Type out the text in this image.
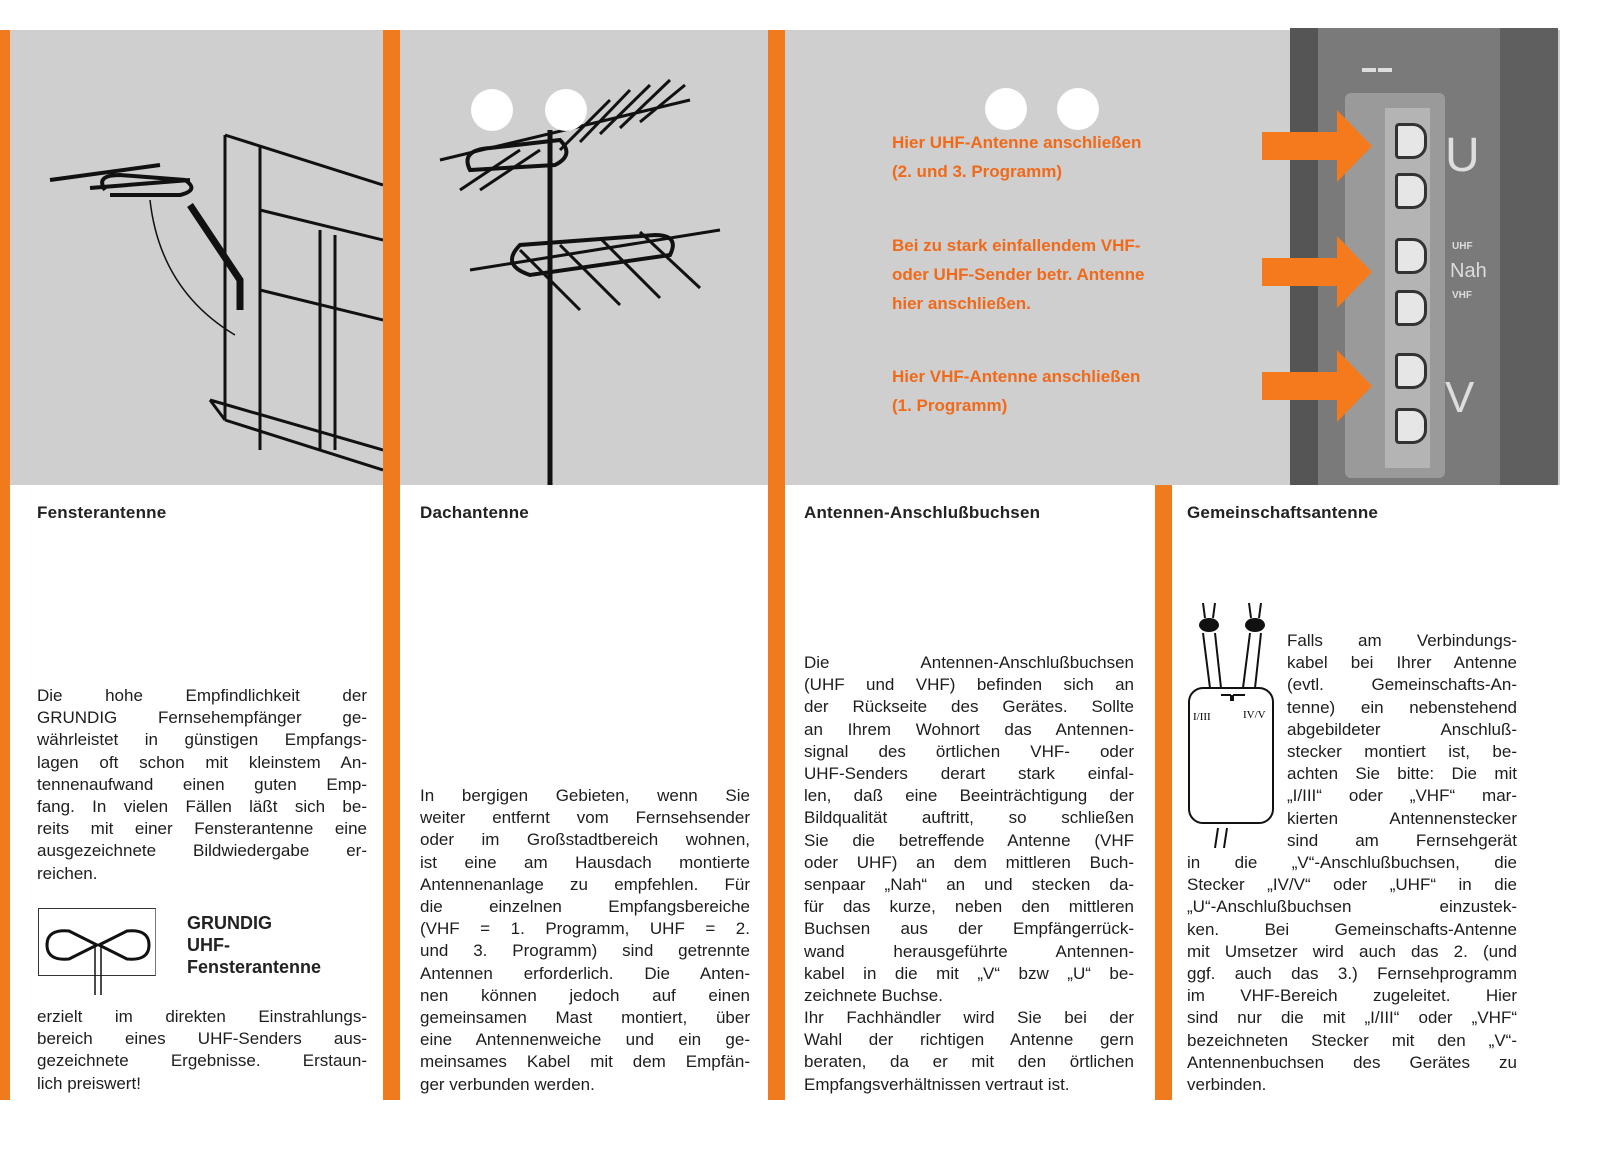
Hier UHF-Antenne anschließen
(2. und 3. Programm)
Bei zu stark einfallendem VHF-
oder UHF-Sender betr. Antenne
hier anschließen.
Hier VHF-Antenne anschließen
(1. Programm)
U
UHF
Nah
VHF
V
Fensterantenne	Dachantenne	Antennen-Anschlußbuchsen	Gemeinschaftsantenne
Die hohe Empfindlichkeit der
GRUNDIG Fernsehempfänger ge-
währleistet in günstigen Empfangs-
lagen oft schon mit kleinstem An-
tennenaufwand einen guten Emp-
fang. In vielen Fällen läßt sich be-
reits mit einer Fensterantenne eine
ausgezeichnete Bildwiedergabe er-
reichen.
GRUNDIG
UHF-
Fensterantenne
erzielt im direkten Einstrahlungs-
bereich eines UHF-Senders aus-
gezeichnete Ergebnisse. Erstaun-
lich preiswert!
In bergigen Gebieten, wenn Sie
weiter entfernt vom Fernsehsender
oder im Großstadtbereich wohnen,
ist eine am Hausdach montierte
Antennenanlage zu empfehlen. Für
die einzelnen Empfangsbereiche
(VHF = 1. Programm, UHF = 2.
und 3. Programm) sind getrennte
Antennen erforderlich. Die Anten-
nen können jedoch auf einen
gemeinsamen Mast montiert, über
eine Antennenweiche und ein ge-
meinsames Kabel mit dem Empfän-
ger verbunden werden.
Die Antennen-Anschlußbuchsen
(UHF und VHF) befinden sich an
der Rückseite des Gerätes. Sollte
an Ihrem Wohnort das Antennen-
signal des örtlichen VHF- oder
UHF-Senders derart stark einfal-
len, daß eine Beeinträchtigung der
Bildqualität auftritt, so schließen
Sie die betreffende Antenne (VHF
oder UHF) an dem mittleren Buch-
senpaar „Nah“ an und stecken da-
für das kurze, neben den mittleren
Buchsen aus der Empfängerrück-
wand herausgeführte Antennen-
kabel in die mit „V“ bzw „U“ be-
zeichnete Buchse.
Ihr Fachhändler wird Sie bei der
Wahl der richtigen Antenne gern
beraten, da er mit den örtlichen
Empfangsverhältnissen vertraut ist.
I/III	IV/V
Falls am Verbindungs-
kabel bei Ihrer Antenne
(evtl. Gemeinschafts-An-
tenne) ein nebenstehend
abgebildeter Anschluß-
stecker montiert ist, be-
achten Sie bitte: Die mit
„I/III“ oder „VHF“ mar-
kierten Antennenstecker
sind am Fernsehgerät
in die „V“-Anschlußbuchsen, die
Stecker „IV/V“ oder „UHF“ in die
„U“-Anschlußbuchsen einzustek-
ken. Bei Gemeinschafts-Antenne
mit Umsetzer wird auch das 2. (und
ggf. auch das 3.) Fernsehprogramm
im VHF-Bereich zugeleitet. Hier
sind nur die mit „I/III“ oder „VHF“
bezeichneten Stecker mit den „V“-
Antennenbuchsen des Gerätes zu
verbinden.
